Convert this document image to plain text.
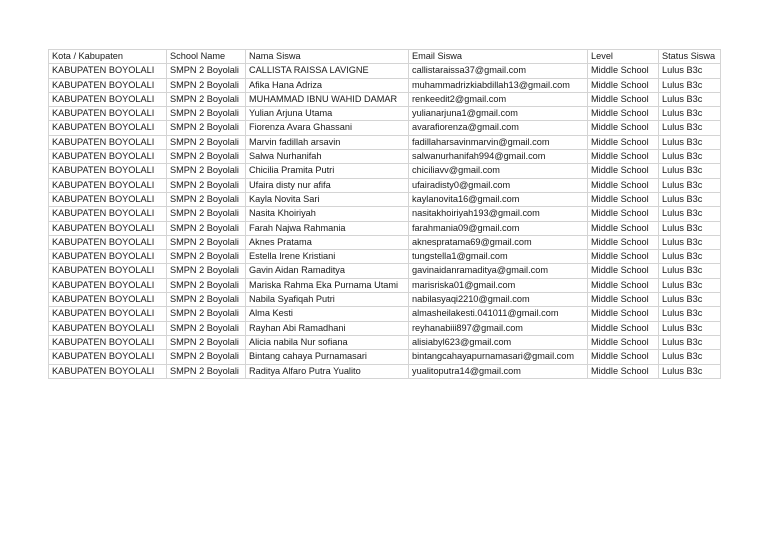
Kota / Kabupaten	School Name	Nama Siswa	Email Siswa	Level	Status Siswa
KABUPATEN BOYOLALI	SMPN 2 Boyolali	CALLISTA RAISSA LAVIGNE	callistaraissa37@gmail.com	Middle School	Lulus B3c
KABUPATEN BOYOLALI	SMPN 2 Boyolali	Afika Hana Adriza	muhammadrizkiabdillah13@gmail.com	Middle School	Lulus B3c
KABUPATEN BOYOLALI	SMPN 2 Boyolali	MUHAMMAD IBNU WAHID DAMAR	renkeedit2@gmail.com	Middle School	Lulus B3c
KABUPATEN BOYOLALI	SMPN 2 Boyolali	Yulian Arjuna Utama	yulianarjuna1@gmail.com	Middle School	Lulus B3c
KABUPATEN BOYOLALI	SMPN 2 Boyolali	Fiorenza Avara Ghassani	avarafiorenza@gmail.com	Middle School	Lulus B3c
KABUPATEN BOYOLALI	SMPN 2 Boyolali	Marvin fadillah arsavin	fadillaharsavinmarvin@gmail.com	Middle School	Lulus B3c
KABUPATEN BOYOLALI	SMPN 2 Boyolali	Salwa Nurhanifah	salwanurhanifah994@gmail.com	Middle School	Lulus B3c
KABUPATEN BOYOLALI	SMPN 2 Boyolali	Chicilia Pramita Putri	chiciliavv@gmail.com	Middle School	Lulus B3c
KABUPATEN BOYOLALI	SMPN 2 Boyolali	Ufaira disty nur afifa	ufairadisty0@gmail.com	Middle School	Lulus B3c
KABUPATEN BOYOLALI	SMPN 2 Boyolali	Kayla Novita Sari	kaylanovita16@gmail.com	Middle School	Lulus B3c
KABUPATEN BOYOLALI	SMPN 2 Boyolali	Nasita Khoiriyah	nasitakhoiriyah193@gmail.com	Middle School	Lulus B3c
KABUPATEN BOYOLALI	SMPN 2 Boyolali	Farah Najwa Rahmania	farahmania09@gmail.com	Middle School	Lulus B3c
KABUPATEN BOYOLALI	SMPN 2 Boyolali	Aknes Pratama	aknespratama69@gmail.com	Middle School	Lulus B3c
KABUPATEN BOYOLALI	SMPN 2 Boyolali	Estella Irene Kristiani	tungstella1@gmail.com	Middle School	Lulus B3c
KABUPATEN BOYOLALI	SMPN 2 Boyolali	Gavin Aidan Ramaditya	gavinaidanramaditya@gmail.com	Middle School	Lulus B3c
KABUPATEN BOYOLALI	SMPN 2 Boyolali	Mariska Rahma Eka Purnama Utami	marisriska01@gmail.com	Middle School	Lulus B3c
KABUPATEN BOYOLALI	SMPN 2 Boyolali	Nabila Syafiqah Putri	nabilasyaqi2210@gmail.com	Middle School	Lulus B3c
KABUPATEN BOYOLALI	SMPN 2 Boyolali	Alma Kesti	almasheilakesti.041011@gmail.com	Middle School	Lulus B3c
KABUPATEN BOYOLALI	SMPN 2 Boyolali	Rayhan Abi Ramadhani	reyhanabiii897@gmail.com	Middle School	Lulus B3c
KABUPATEN BOYOLALI	SMPN 2 Boyolali	Alicia nabila Nur sofiana	alisiabyl623@gmail.com	Middle School	Lulus B3c
KABUPATEN BOYOLALI	SMPN 2 Boyolali	Bintang cahaya Purnamasari	bintangcahayapurnamasari@gmail.com	Middle School	Lulus B3c
KABUPATEN BOYOLALI	SMPN 2 Boyolali	Raditya Alfaro Putra Yualito	yualitoputra14@gmail.com	Middle School	Lulus B3c
